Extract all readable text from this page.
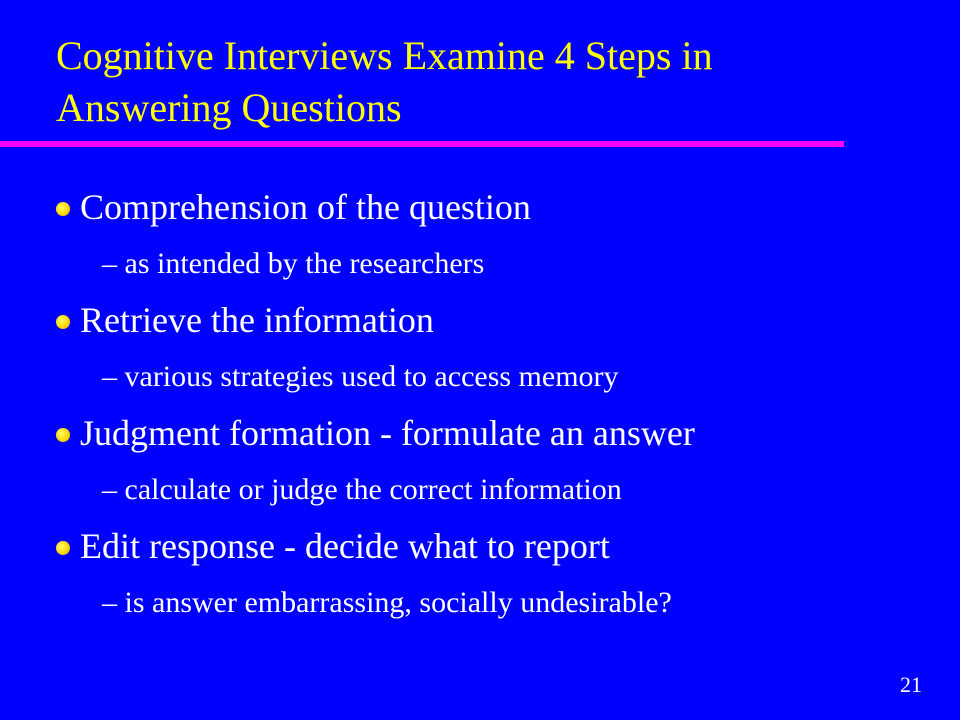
Cognitive Interviews Examine 4 Steps in
Answering Questions
Comprehension of the question
– as intended by the researchers
Retrieve the information
– various strategies used to access memory
Judgment formation - formulate an answer
– calculate or judge the correct information
Edit response - decide what to report
– is answer embarrassing, socially undesirable?
21
